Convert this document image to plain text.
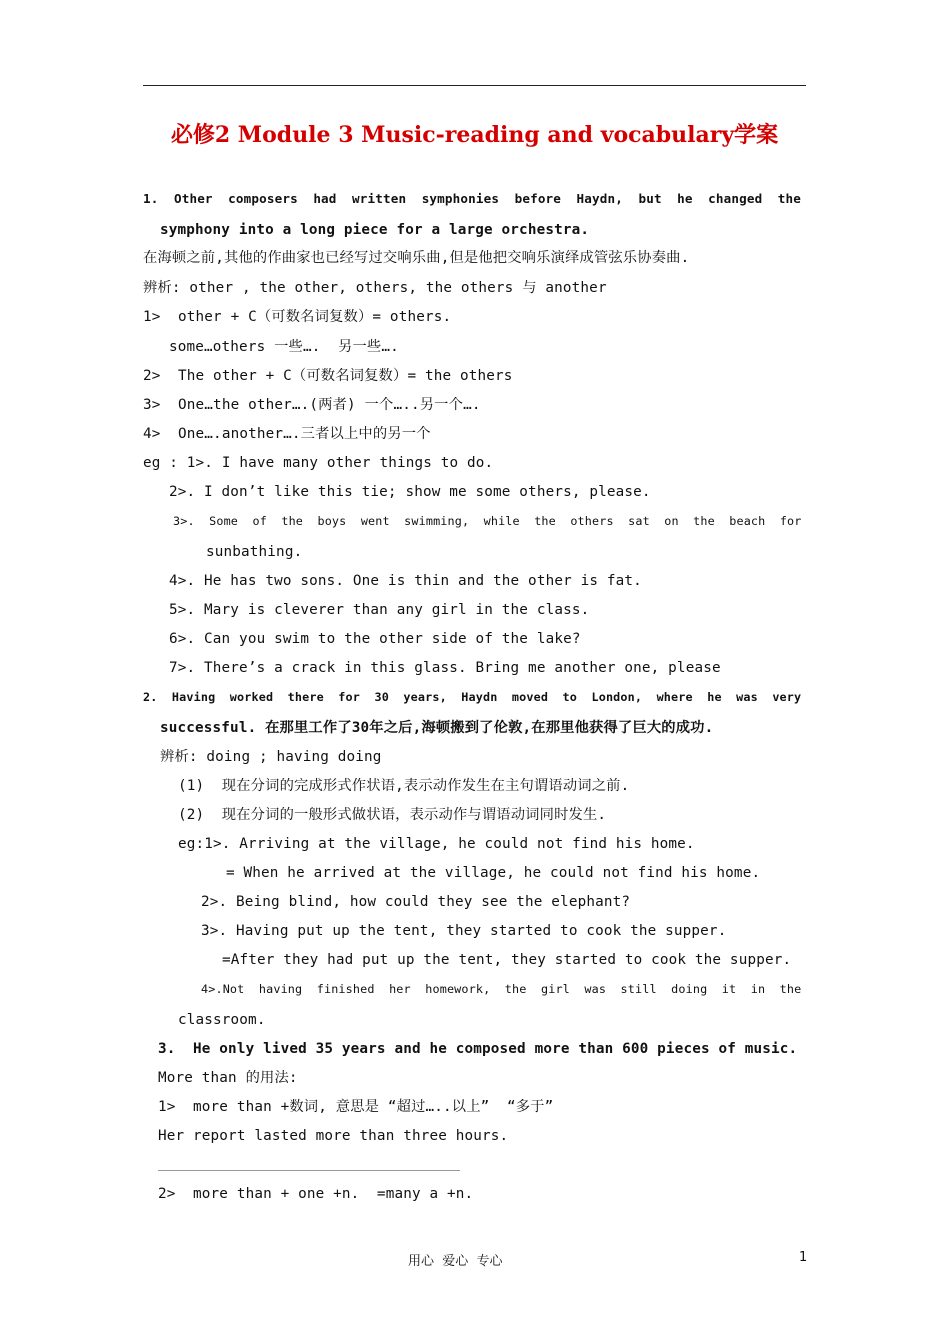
必修2 Module 3 Music-reading and vocabulary学案
1.  Other  composers  had  written  symphonies  before  Haydn,  but  he  changed  the
symphony into a long piece for a large orchestra.
在海顿之前,其他的作曲家也已经写过交响乐曲,但是他把交响乐演绎成管弦乐协奏曲.
辨析: other , the other, others, the others 与 another
1>  other + C（可数名词复数）= others.
some…others 一些….  另一些….
2>  The other + C（可数名词复数）= the others
3>  One…the other….(两者) 一个…..另一个….
4>  One….another….三者以上中的另一个
eg : 1>. I have many other things to do.
2>. I don’t like this tie; show me some others, please.
3>.  Some  of  the  boys  went  swimming,  while  the  others  sat  on  the  beach  for
sunbathing.
4>. He has two sons. One is thin and the other is fat.
5>. Mary is cleverer than any girl in the class.
6>. Can you swim to the other side of the lake?
7>. There’s a crack in this glass. Bring me another one, please
2.  Having  worked  there  for  30  years,  Haydn  moved  to  London,  where  he  was  very
successful. 在那里工作了30年之后,海顿搬到了伦敦,在那里他获得了巨大的成功.
辨析: doing ; having doing
(1)  现在分词的完成形式作状语,表示动作发生在主句谓语动词之前.
(2)  现在分词的一般形式做状语，表示动作与谓语动词同时发生.
eg:1>. Arriving at the village, he could not find his home.
= When he arrived at the village, he could not find his home.
2>. Being blind, how could they see the elephant?
3>. Having put up the tent, they started to cook the supper.
=After they had put up the tent, they started to cook the supper.
4>.Not  having  finished  her  homework,  the  girl  was  still  doing  it  in  the
classroom.
3.  He only lived 35 years and he composed more than 600 pieces of music.
More than 的用法:
1>  more than +数词, 意思是 “超过…..以上”  “多于”
Her report lasted more than three hours.
2>  more than + one +n.  =many a +n.
用心  爱心  专心	1
